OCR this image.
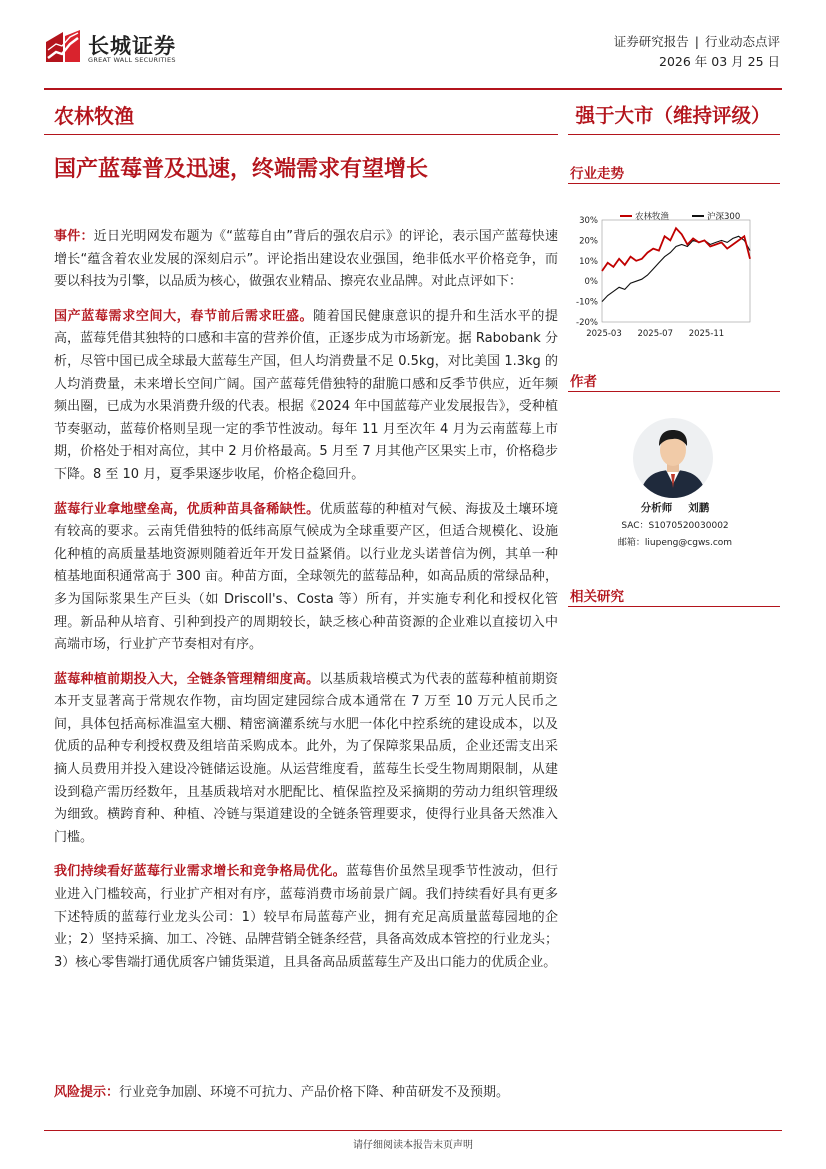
长城证券
GREAT WALL SECURITIES
证券研究报告 | 行业动态点评
2026 年 03 月 25 日
农林牧渔	强于大市（维持评级）
国产蓝莓普及迅速，终端需求有望增长

事件：近日光明网发布题为《“蓝莓自由”背后的强农启示》的评论，表示国产蓝莓快速增长“蕴含着农业发展的深刻启示”。评论指出建设农业强国，绝非低水平价格竞争，而要以科技为引擎，以品质为核心，做强农业精品、擦亮农业品牌。对此点评如下：

国产蓝莓需求空间大，春节前后需求旺盛。随着国民健康意识的提升和生活水平的提高，蓝莓凭借其独特的口感和丰富的营养价值，正逐步成为市场新宠。据 Rabobank 分析，尽管中国已成全球最大蓝莓生产国，但人均消费量不足 0.5kg，对比美国 1.3kg 的人均消费量，未来增长空间广阔。国产蓝莓凭借独特的甜脆口感和反季节供应，近年频频出圈，已成为水果消费升级的代表。根据《2024 年中国蓝莓产业发展报告》，受种植节奏驱动，蓝莓价格则呈现一定的季节性波动。每年 11 月至次年 4 月为云南蓝莓上市期，价格处于相对高位，其中 2 月价格最高。5 月至 7 月其他产区果实上市，价格稳步下降。8 至 10 月，夏季果逐步收尾，价格企稳回升。

蓝莓行业拿地壁垒高，优质种苗具备稀缺性。优质蓝莓的种植对气候、海拔及土壤环境有较高的要求。云南凭借独特的低纬高原气候成为全球重要产区，但适合规模化、设施化种植的高质量基地资源则随着近年开发日益紧俏。以行业龙头诺普信为例，其单一种植基地面积通常高于 300 亩。种苗方面，全球领先的蓝莓品种，如高品质的常绿品种，多为国际浆果生产巨头（如 Driscoll's、Costa 等）所有，并实施专利化和授权化管理。新品种从培育、引种到投产的周期较长，缺乏核心种苗资源的企业难以直接切入中高端市场，行业扩产节奏相对有序。

蓝莓种植前期投入大，全链条管理精细度高。以基质栽培模式为代表的蓝莓种植前期资本开支显著高于常规农作物，亩均固定建园综合成本通常在 7 万至 10 万元人民币之间，具体包括高标准温室大棚、精密滴灌系统与水肥一体化中控系统的建设成本，以及优质的品种专利授权费及组培苗采购成本。此外，为了保障浆果品质，企业还需支出采摘人员费用并投入建设冷链储运设施。从运营维度看，蓝莓生长受生物周期限制，从建设到稳产需历经数年，且基质栽培对水肥配比、植保监控及采摘期的劳动力组织管理级为细致。横跨育种、种植、冷链与渠道建设的全链条管理要求，使得行业具备天然准入门槛。

我们持续看好蓝莓行业需求增长和竞争格局优化。蓝莓售价虽然呈现季节性波动，但行业进入门槛较高，行业扩产相对有序，蓝莓消费市场前景广阔。我们持续看好具有更多下述特质的蓝莓行业龙头公司：1）较早布局蓝莓产业，拥有充足高质量蓝莓园地的企业；2）坚持采摘、加工、冷链、品牌营销全链条经营，具备高效成本管控的行业龙头；3）核心零售端打通优质客户铺货渠道，且具备高品质蓝莓生产及出口能力的优质企业。

风险提示：行业竞争加剧、环境不可抗力、产品价格下降、种苗研发不及预期。
行业走势
30%
20%
10%
0%
-10%
-20%
2025-03 2025-07 2025-11
农林牧渔	沪深300
作者
分析师 刘鹏
SAC：S1070520030002
邮箱：liupeng@cgws.com
相关研究
请仔细阅读本报告末页声明
